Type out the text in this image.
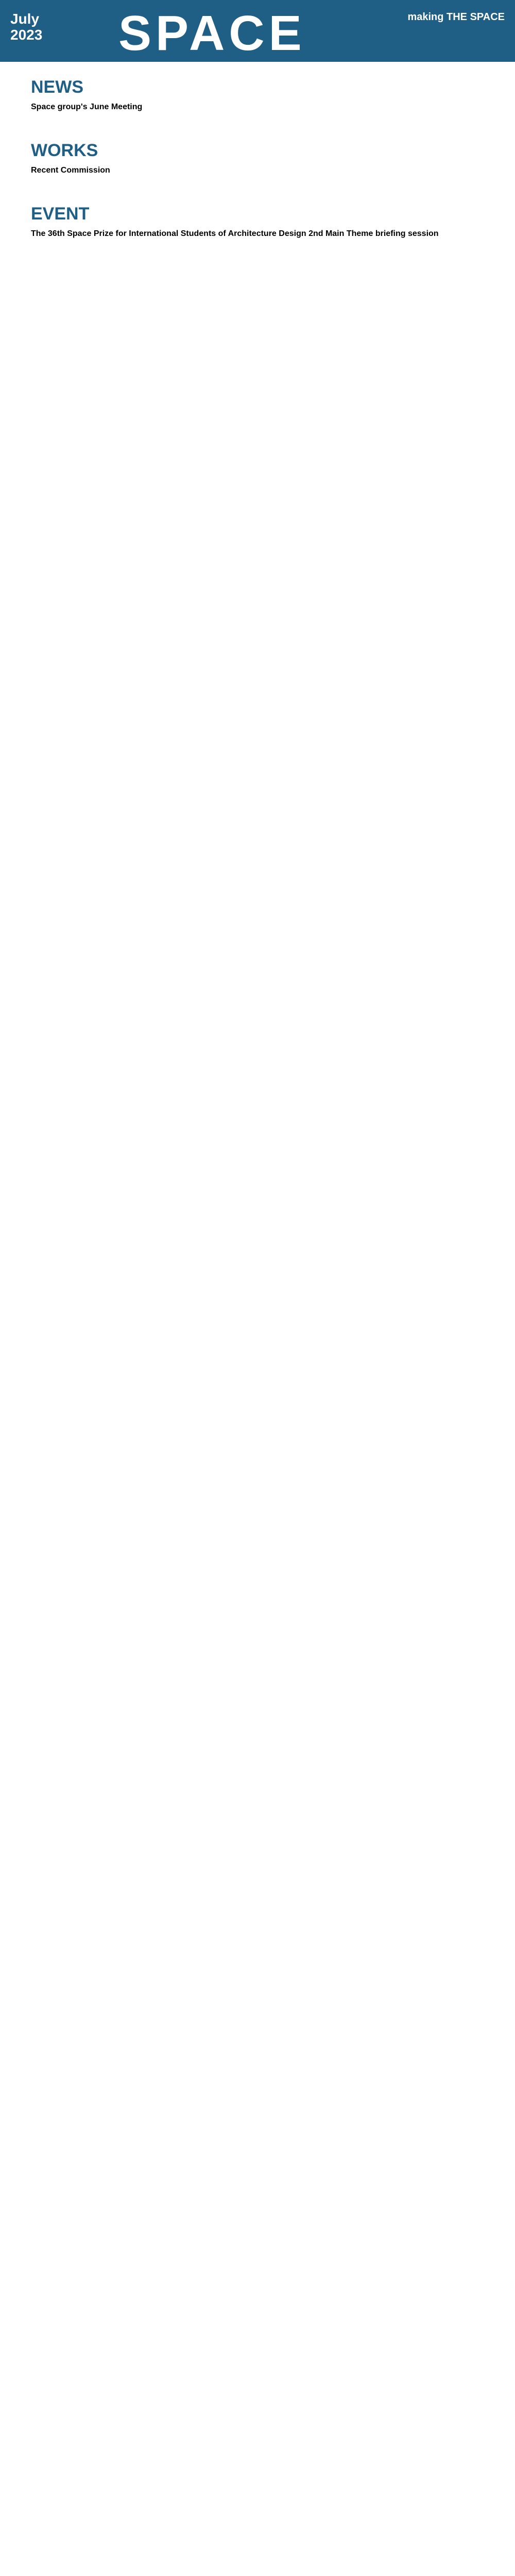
July
2023 SPACE	making THE SPACE
NEWS
Space group's June Meeting
WORKS
Recent Commission
EVENT
The 36th Space Prize for International Students of Architecture Design 2nd Main Theme briefing session
